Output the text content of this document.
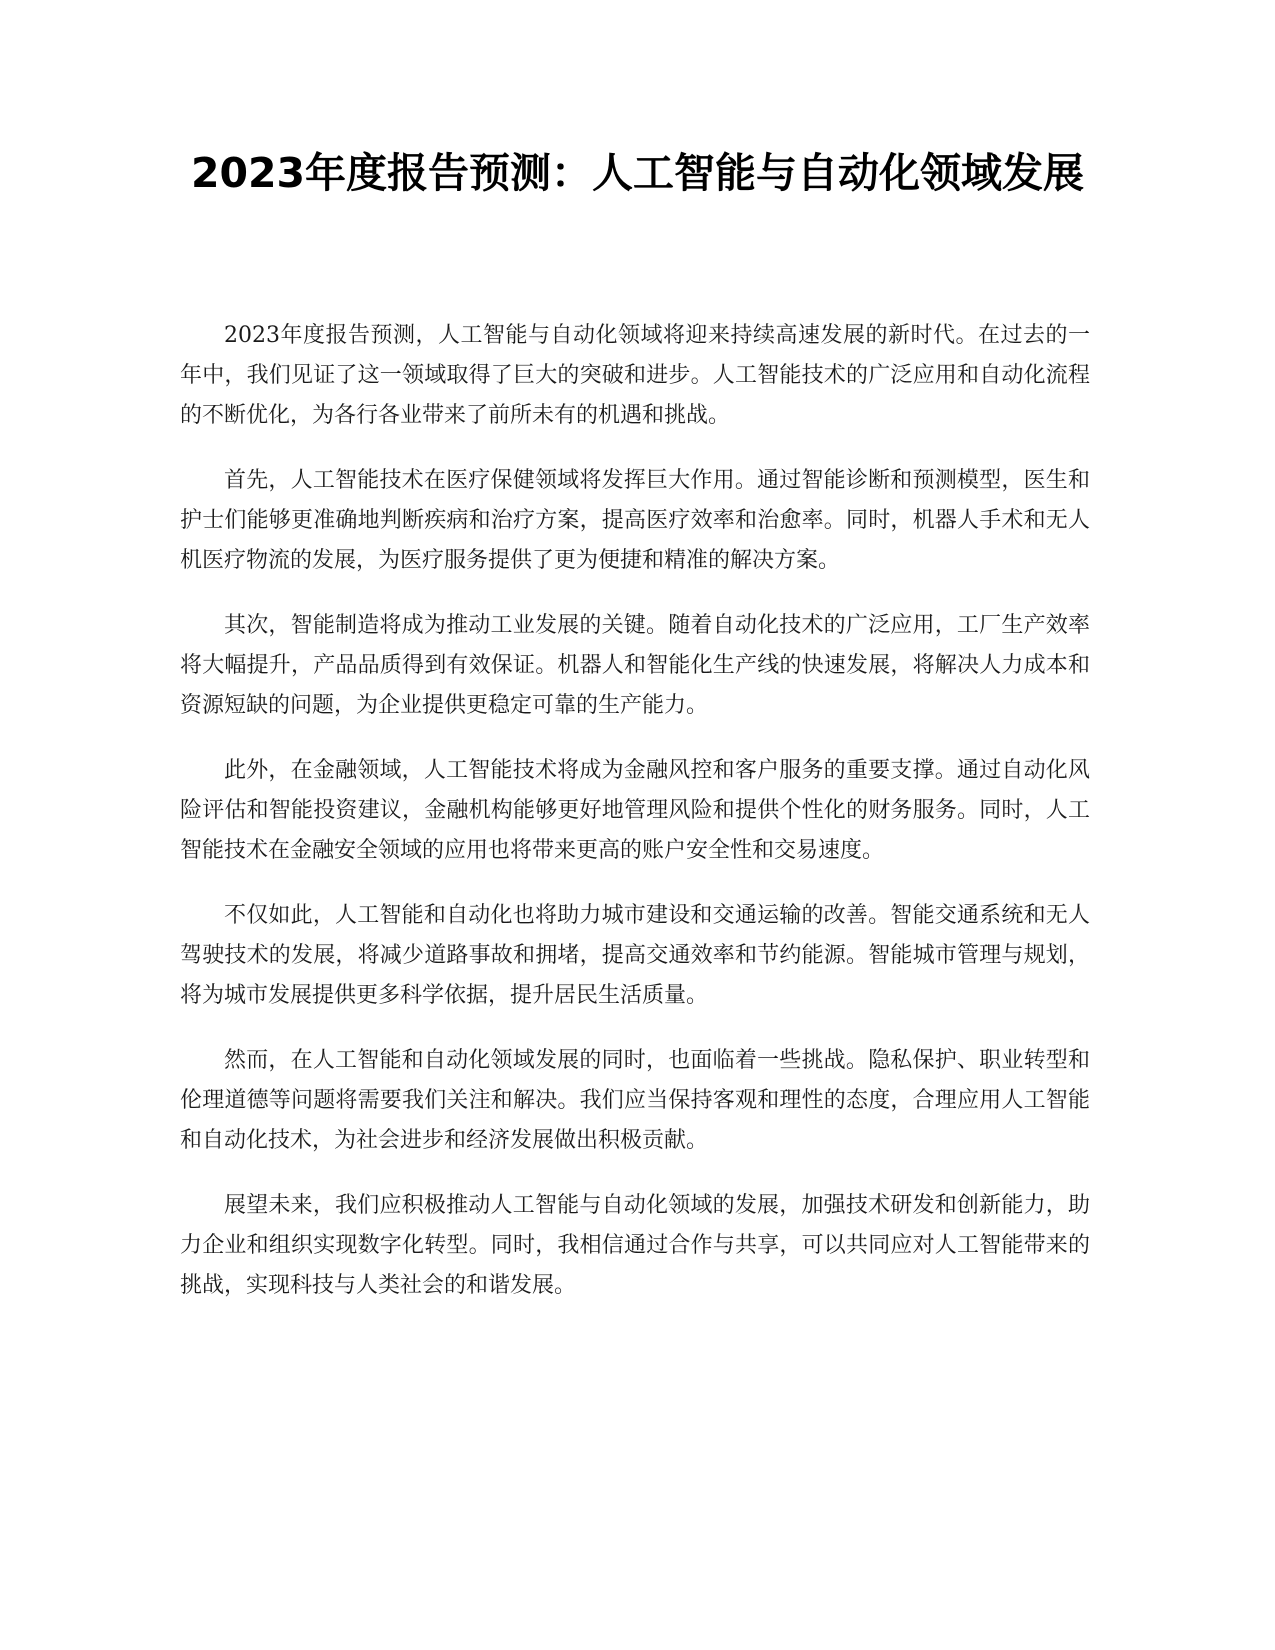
2023年度报告预测：人工智能与自动化领域发展

2023年度报告预测，人工智能与自动化领域将迎来持续高速发展的新时代。在过去的一年中，我们见证了这一领域取得了巨大的突破和进步。人工智能技术的广泛应用和自动化流程的不断优化，为各行各业带来了前所未有的机遇和挑战。

首先，人工智能技术在医疗保健领域将发挥巨大作用。通过智能诊断和预测模型，医生和护士们能够更准确地判断疾病和治疗方案，提高医疗效率和治愈率。同时，机器人手术和无人机医疗物流的发展，为医疗服务提供了更为便捷和精准的解决方案。

其次，智能制造将成为推动工业发展的关键。随着自动化技术的广泛应用，工厂生产效率将大幅提升，产品品质得到有效保证。机器人和智能化生产线的快速发展，将解决人力成本和资源短缺的问题，为企业提供更稳定可靠的生产能力。

此外，在金融领域，人工智能技术将成为金融风控和客户服务的重要支撑。通过自动化风险评估和智能投资建议，金融机构能够更好地管理风险和提供个性化的财务服务。同时，人工智能技术在金融安全领域的应用也将带来更高的账户安全性和交易速度。

不仅如此，人工智能和自动化也将助力城市建设和交通运输的改善。智能交通系统和无人驾驶技术的发展，将减少道路事故和拥堵，提高交通效率和节约能源。智能城市管理与规划，将为城市发展提供更多科学依据，提升居民生活质量。

然而，在人工智能和自动化领域发展的同时，也面临着一些挑战。隐私保护、职业转型和伦理道德等问题将需要我们关注和解决。我们应当保持客观和理性的态度，合理应用人工智能和自动化技术，为社会进步和经济发展做出积极贡献。

展望未来，我们应积极推动人工智能与自动化领域的发展，加强技术研发和创新能力，助力企业和组织实现数字化转型。同时，我相信通过合作与共享，可以共同应对人工智能带来的挑战，实现科技与人类社会的和谐发展。
